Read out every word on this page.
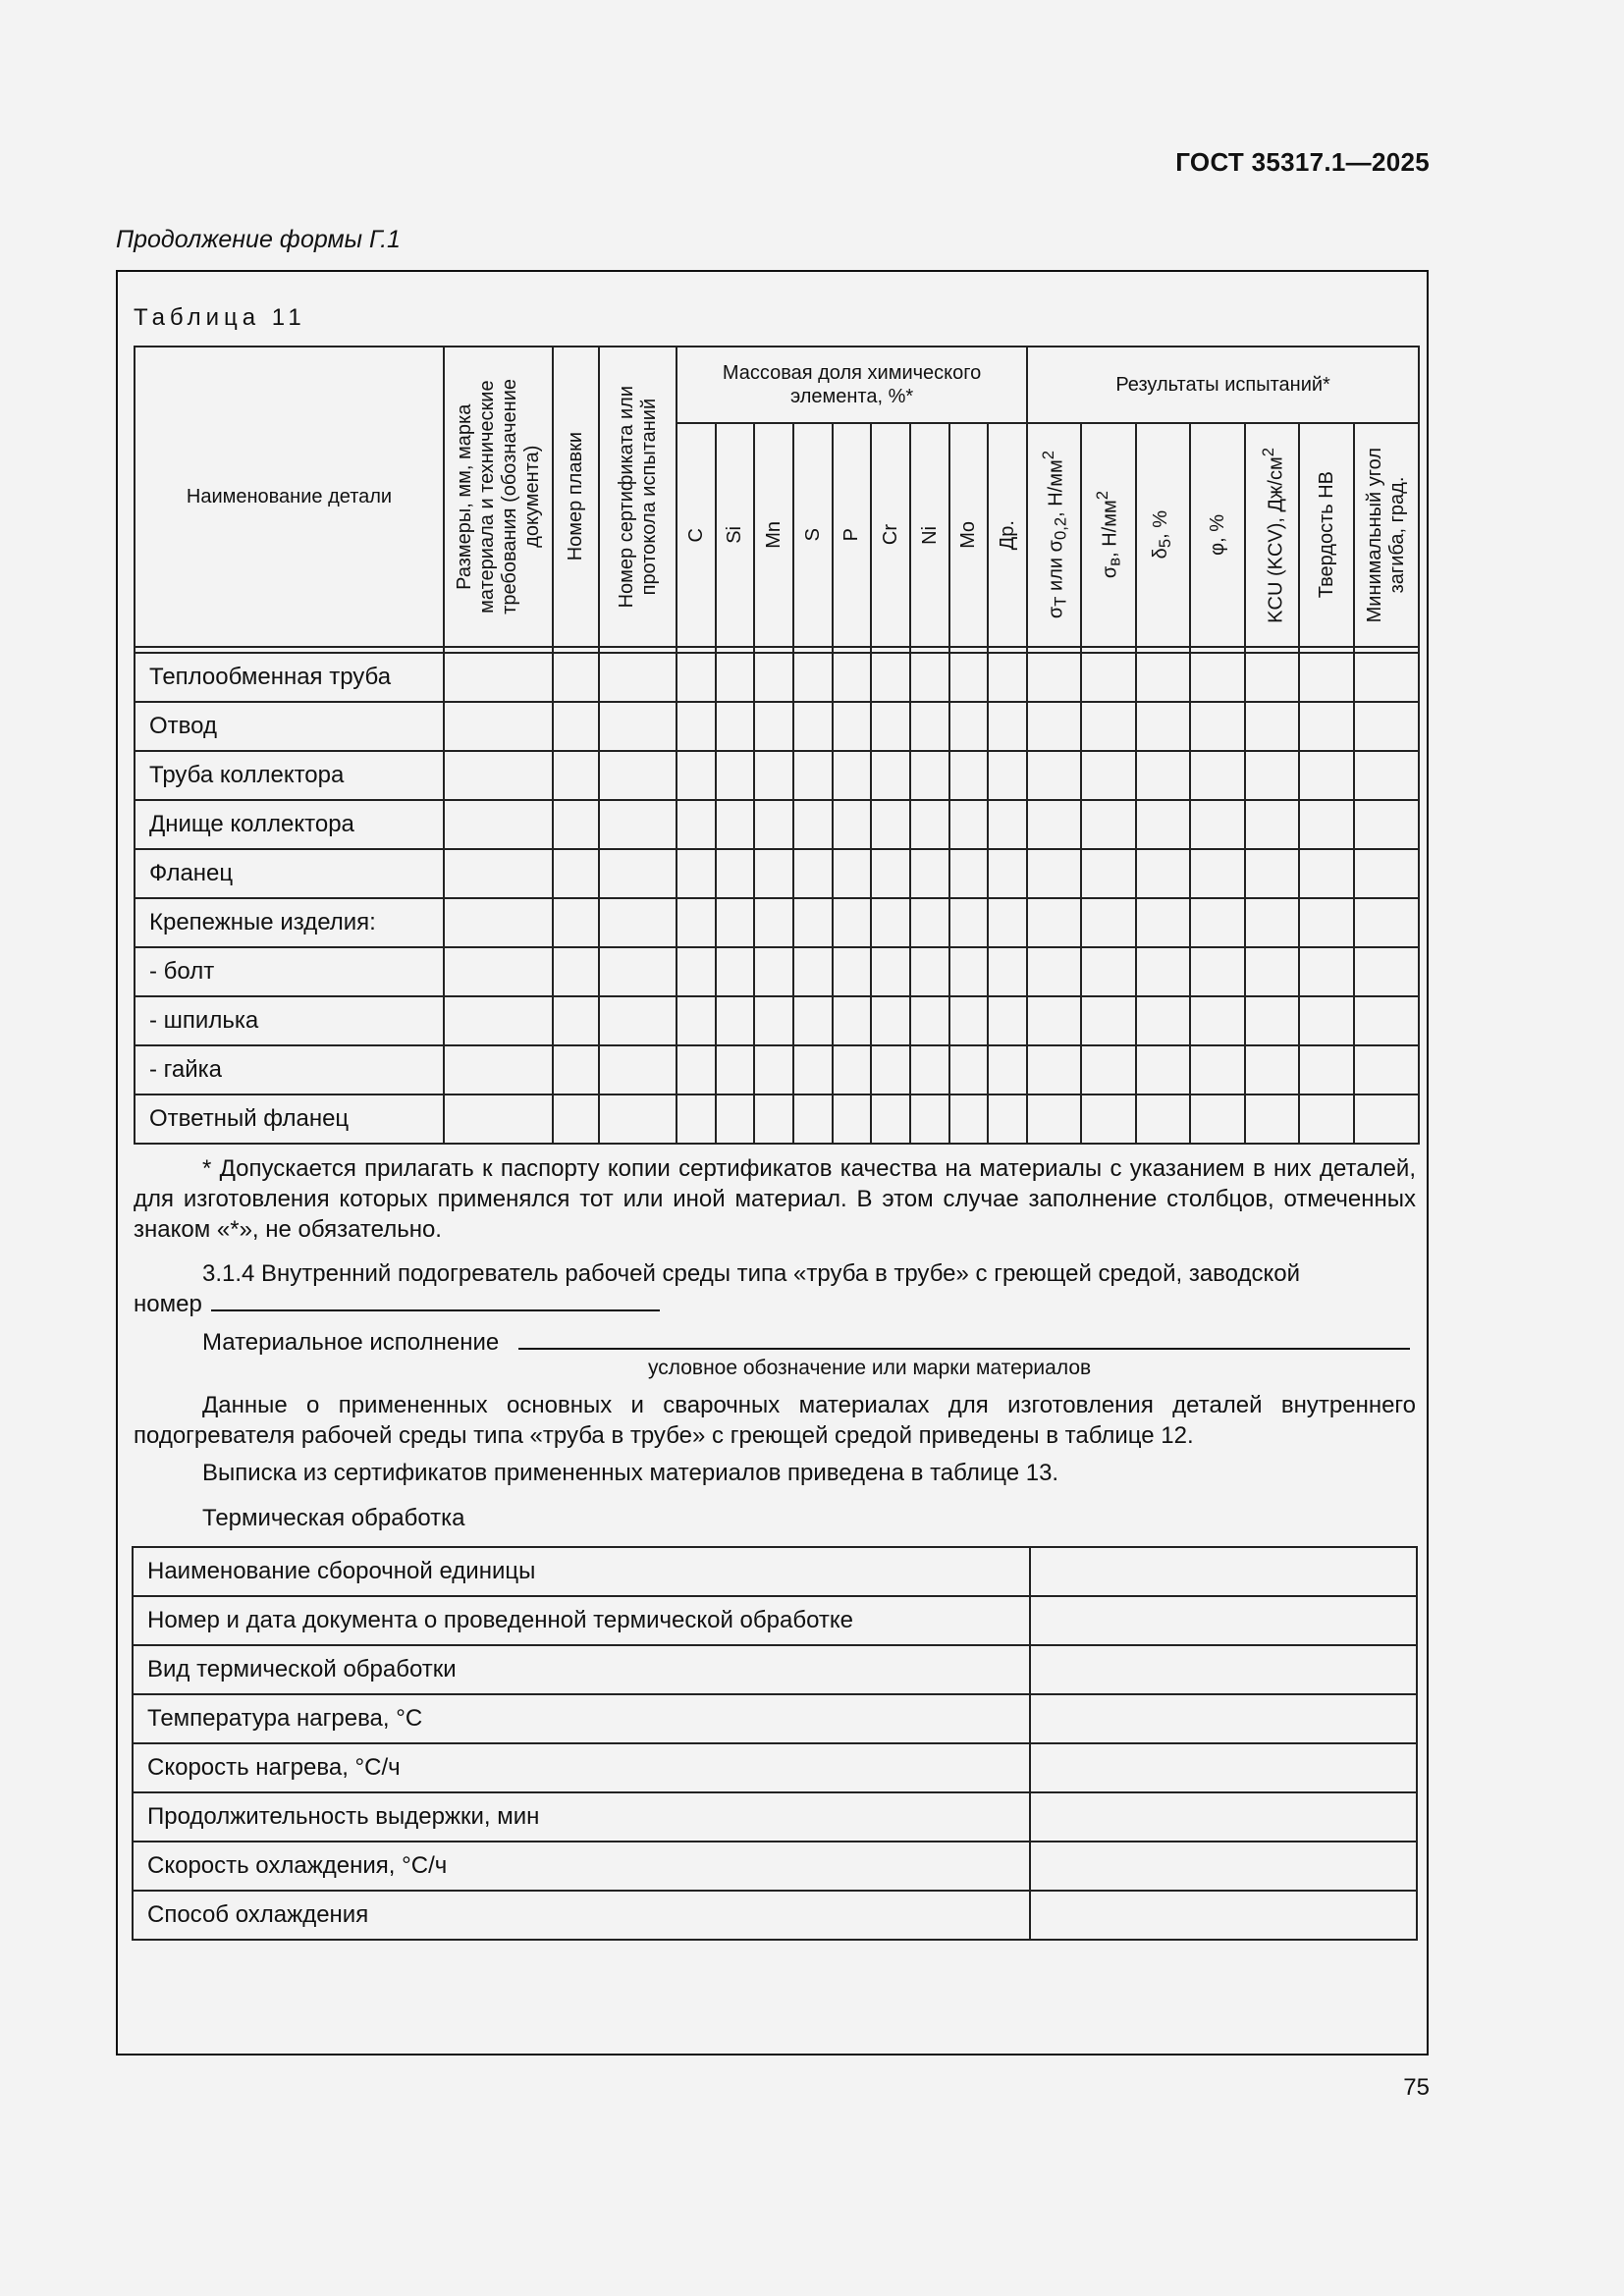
ГОСТ 35317.1—2025
Продолжение формы Г.1
Таблица 11
Наименование детали	Размеры, мм, марка
материала и технические
требования (обозначение
документа)	Номер плавки	Номер сертификата или
протокола испытаний	Массовая доля химического элемента, %*									Результаты испытаний*						

				C	Si	Mn	S	P	Cr	Ni	Mo	Др.	$\sigma_Т$ или $\sigma_{0,2}$, $Н/мм^2$	$\sigma_в$, $Н/мм^2$	$\delta_5$, %	φ, %	KCU (KCV), $Дж/см^2$	Твердость НВ	Минимальный угол
загиба, град.

Теплообменная труба																			
Отвод																			
Труба коллектора																			
Днище коллектора																			
Фланец																			
Крепежные изделия:																			
- болт																			
- шпилька																			
- гайка																			
Ответный фланец																			

* Допускается прилагать к паспорту копии сертификатов качества на материалы с указанием в них деталей, для изготовления которых применялся тот или иной материал. В этом случае заполнение столбцов, отмеченных знаком «*», не обязательно.

3.1.4 Внутренний подогреватель рабочей среды типа «труба в трубе» с греющей средой, заводской

номер
Материальное исполнение
условное обозначение или марки материалов

Данные о примененных основных и сварочных материалах для изготовления деталей внутреннего подогревателя рабочей среды типа «труба в трубе» с греющей средой приведены в таблице 12.

Выписка из сертификатов примененных материалов приведена в таблице 13.

Термическая обработка

Наименование сборочной единицы	
Номер и дата документа о проведенной термической обработке	
Вид термической обработки	
Температура нагрева, °С	
Скорость нагрева, °С/ч	
Продолжительность выдержки, мин	
Скорость охлаждения, °С/ч	
Способ охлаждения	
75
